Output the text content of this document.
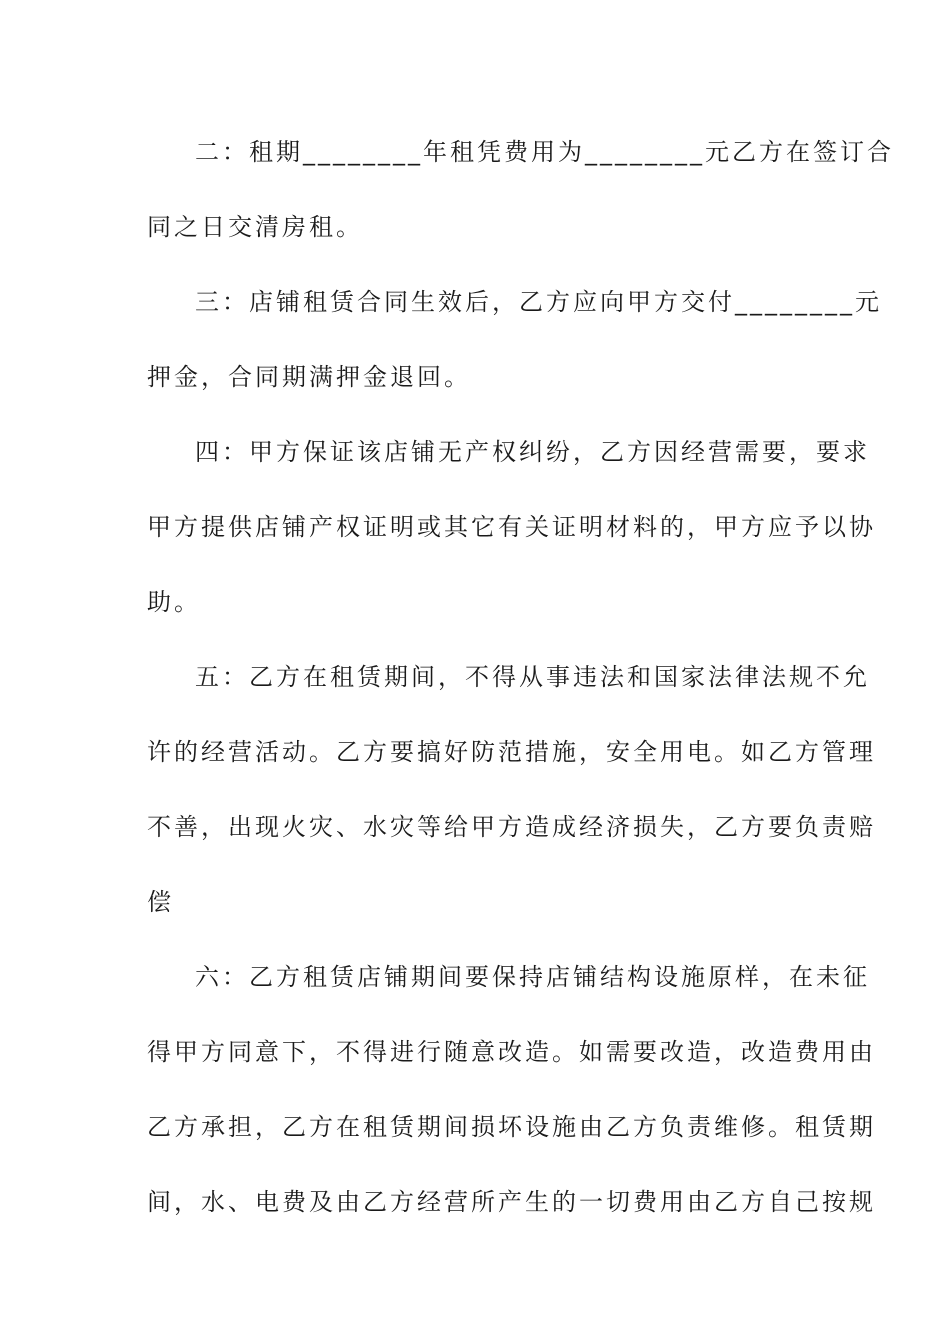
二：租期________年租凭费用为________元乙方在签订合
同之日交清房租。
三：店铺租赁合同生效后，乙方应向甲方交付________元
押金，合同期满押金退回。
四：甲方保证该店铺无产权纠纷，乙方因经营需要，要求
甲方提供店铺产权证明或其它有关证明材料的，甲方应予以协
助。
五：乙方在租赁期间，不得从事违法和国家法律法规不允
许的经营活动。乙方要搞好防范措施，安全用电。如乙方管理
不善，出现火灾、水灾等给甲方造成经济损失，乙方要负责赔
偿
六：乙方租赁店铺期间要保持店铺结构设施原样，在未征
得甲方同意下，不得进行随意改造。如需要改造，改造费用由
乙方承担，乙方在租赁期间损坏设施由乙方负责维修。租赁期
间，水、电费及由乙方经营所产生的一切费用由乙方自己按规
